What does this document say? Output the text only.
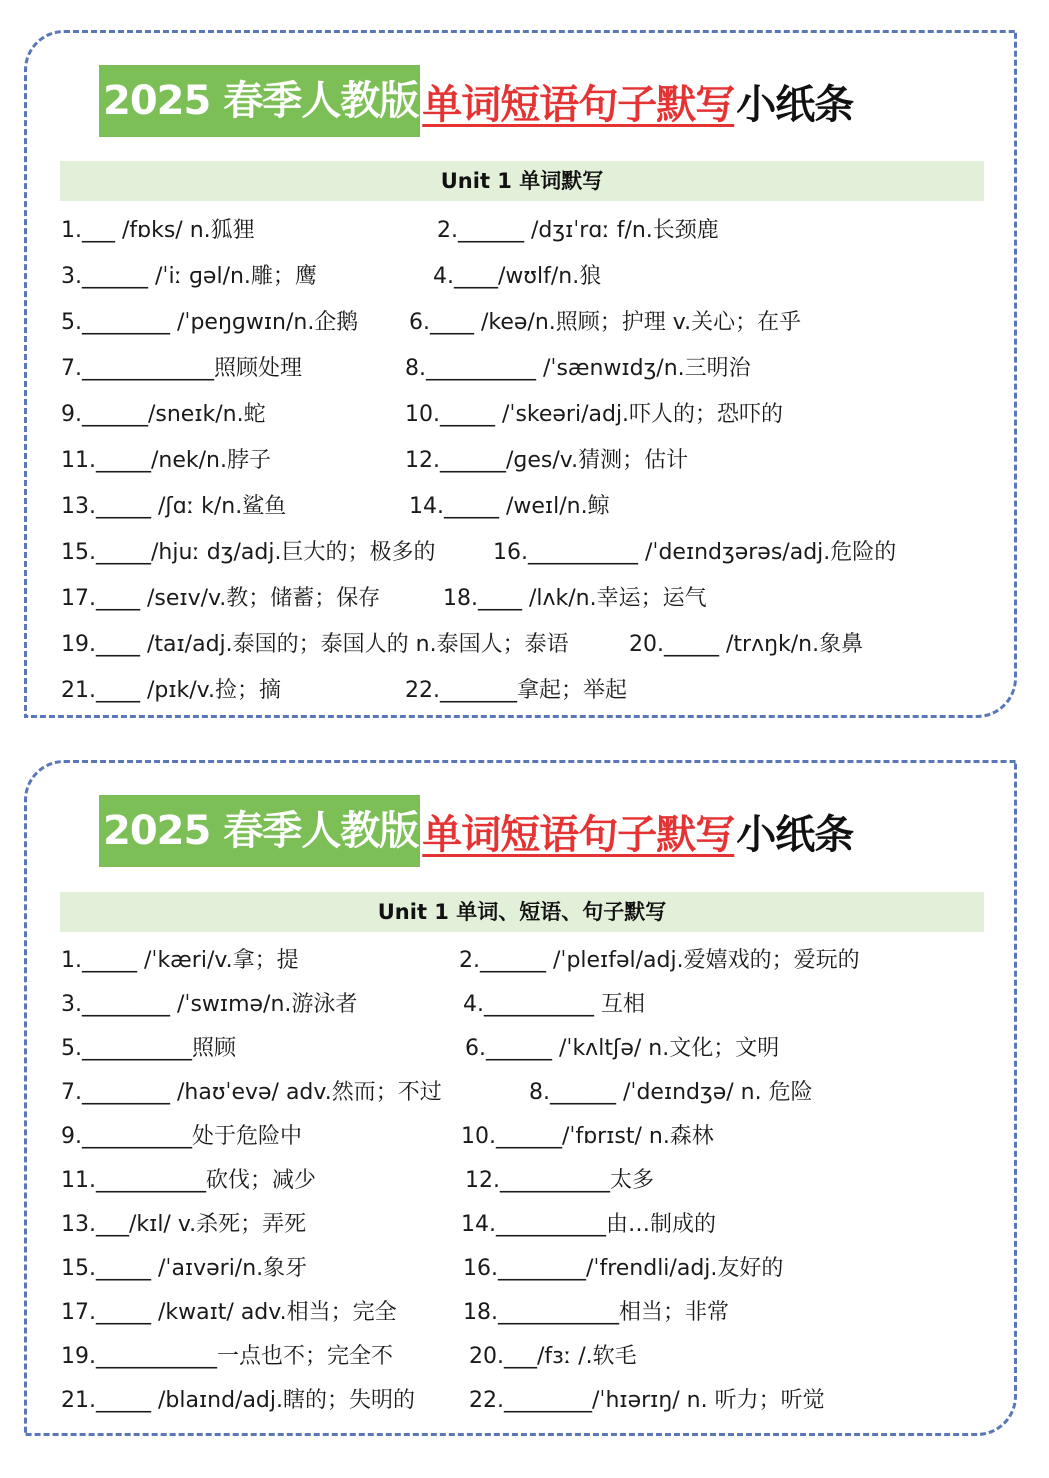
2025 春季人教版 单词短语句子默写 小纸条
Unit 1 单词默写
1.___ /fɒks/ n.狐狸	2.______ /dʒɪˈrɑː f/n.长颈鹿
3.______ /ˈiː ɡəl/n.雕；鹰	4.____/wʊlf/n.狼
5.________ /ˈpeŋɡwɪn/n.企鹅 6.____ /keə/n.照顾；护理 v.关心；在乎
7.____________照顾处理	8.__________ /ˈsænwɪdʒ/n.三明治
9.______/sneɪk/n.蛇	10._____ /ˈskeəri/adj.吓人的；恐吓的
11._____/nek/n.脖子	12.______/ɡes/v.猜测；估计
13._____ /ʃɑː k/n.鲨鱼	14._____ /weɪl/n.鲸
15._____/hjuː dʒ/adj.巨大的；极多的	16.__________ /ˈdeɪndʒərəs/adj.危险的
17.____ /seɪv/v.教；储蓄；保存	18.____ /lʌk/n.幸运；运气
19.____ /taɪ/adj.泰国的；泰国人的 n.泰国人；泰语	20._____ /trʌŋk/n.象鼻
21.____ /pɪk/v.捡；摘	22._______拿起；举起
2025 春季人教版 单词短语句子默写 小纸条
Unit 1 单词、短语、句子默写
1._____ /ˈkæri/v.拿；提	2.______ /ˈpleɪfəl/adj.爱嬉戏的；爱玩的
3.________ /ˈswɪmə/n.游泳者	4.__________ 互相
5.__________照顾	6.______ /ˈkʌltʃə/ n.文化；文明
7.________ /haʊˈevə/ adv.然而；不过	8.______ /ˈdeɪndʒə/ n. 危险
9.__________处于危险中	10.______/ˈfɒrɪst/ n.森林
11.__________砍伐；减少	12.__________太多
13.___/kɪl/ v.杀死；弄死	14.__________由…制成的
15._____ /ˈaɪvəri/n.象牙	16.________/ˈfrendli/adj.友好的
17._____ /kwaɪt/ adv.相当；完全	18.___________相当；非常
19.___________一点也不；完全不	20.___/fɜː /.软毛
21._____ /blaɪnd/adj.瞎的；失明的 22.________/ˈhɪərɪŋ/ n. 听力；听觉
